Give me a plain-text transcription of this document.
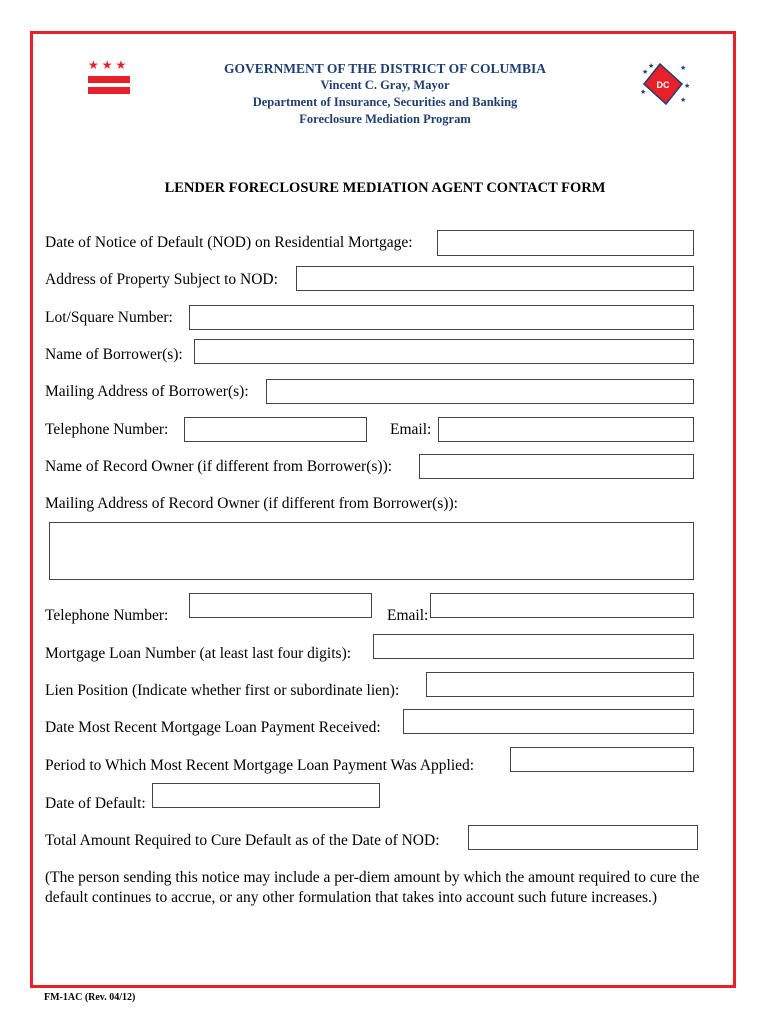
★ ★ ★	GOVERNMENT OF THE DISTRICT OF COLUMBIA
Vincent C. Gray, Mayor
Department of Insurance, Securities and Banking
Foreclosure Mediation Program
DC
★
★	★
★
★
★
LENDER FORECLOSURE MEDIATION AGENT CONTACT FORM
Date of Notice of Default (NOD) on Residential Mortgage:
Address of Property Subject to NOD:
Lot/Square Number:
Name of Borrower(s):
Mailing Address of Borrower(s):
Telephone Number:	Email:
Name of Record Owner (if different from Borrower(s)):
Mailing Address of Record Owner (if different from Borrower(s)):
Telephone Number:	Email:
Mortgage Loan Number (at least last four digits):
Lien Position (Indicate whether first or subordinate lien):
Date Most Recent Mortgage Loan Payment Received:
Period to Which Most Recent Mortgage Loan Payment Was Applied:
Date of Default:
Total Amount Required to Cure Default as of the Date of NOD:
(The person sending this notice may include a per-diem amount by which the amount required to cure the default continues to accrue, or any other formulation that takes into account such future increases.)
FM-1AC (Rev. 04/12)
